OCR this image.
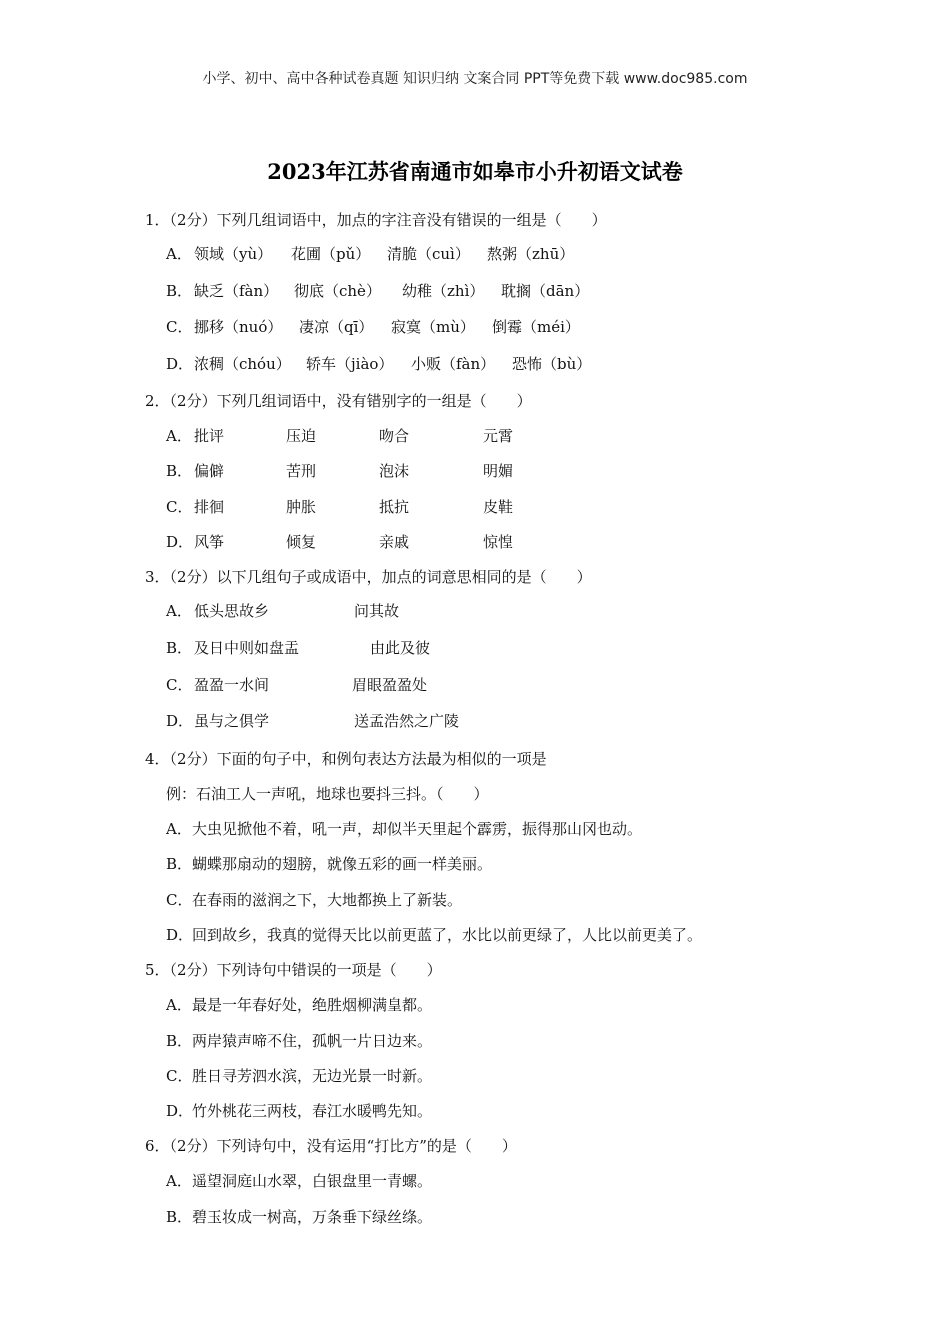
小学、初中、高中各种试卷真题 知识归纳 文案合同 PPT等免费下载 www.doc985.com
2023年江苏省南通市如皋市小升初语文试卷
1．（2分）下列几组词语中，加点的字注音没有错误的一组是（　　）
A． 领域（yù） 花圃（pǔ） 清脆（cuì） 熬粥（zhū）
B． 缺乏（fàn） 彻底（chè） 幼稚（zhì） 耽搁（dān）
C． 挪移（nuó） 凄凉（qī） 寂寞（mù） 倒霉（méi）
D． 浓稠（chóu） 轿车（jiào） 小贩（fàn） 恐怖（bù）
2．（2分）下列几组词语中，没有错别字的一组是（　　）
A． 批评	压迫	吻合	元霄
B． 偏僻	苦刑	泡沫	明媚
C． 排徊	肿胀	抵抗	皮鞋
D． 风筝	倾复	亲戚	惊惶
3．（2分）以下几组句子或成语中，加点的词意思相同的是（　　）
A． 低头思故乡	问其故
B． 及日中则如盘盂	由此及彼
C． 盈盈一水间	眉眼盈盈处
D． 虽与之俱学	送孟浩然之广陵
4．（2分）下面的句子中，和例句表达方法最为相似的一项是
例：石油工人一声吼，地球也要抖三抖。（　　）
A．大虫见掀他不着，吼一声，却似半天里起个霹雳，振得那山冈也动。
B．蝴蝶那扇动的翅膀，就像五彩的画一样美丽。
C．在春雨的滋润之下，大地都换上了新装。
D．回到故乡，我真的觉得天比以前更蓝了，水比以前更绿了，人比以前更美了。
5．（2分）下列诗句中错误的一项是（　　）
A．最是一年春好处，绝胜烟柳满皇都。
B．两岸猿声啼不住，孤帆一片日边来。
C．胜日寻芳泗水滨，无边光景一时新。
D．竹外桃花三两枝，春江水暖鸭先知。
6．（2分）下列诗句中，没有运用“打比方”的是（　　）
A．遥望洞庭山水翠，白银盘里一青螺。
B．碧玉妆成一树高，万条垂下绿丝绦。
